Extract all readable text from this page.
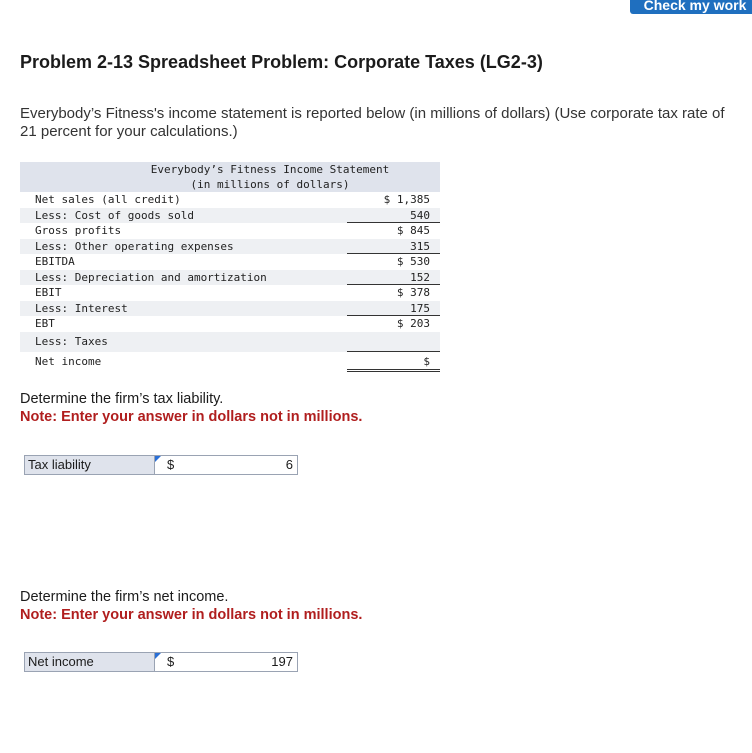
Check my work
Problem 2-13 Spreadsheet Problem: Corporate Taxes (LG2-3)
Everybody’s Fitness's income statement is reported below (in millions of dollars) (Use corporate tax rate of 21 percent for your calculations.)
Everybody’s Fitness Income Statement
(in millions of dollars)
Net sales (all credit)	$ 1,385
Less: Cost of goods sold	540
Gross profits	$ 845
Less: Other operating expenses	315
EBITDA	$ 530
Less: Depreciation and amortization	152
EBIT	$ 378
Less: Interest	175
EBT	$ 203
Less: Taxes
Net income	$
Determine the firm’s tax liability.
Note: Enter your answer in dollars not in millions.
Tax liability	$	6
Determine the firm’s net income.
Note: Enter your answer in dollars not in millions.
Net income	$	197
